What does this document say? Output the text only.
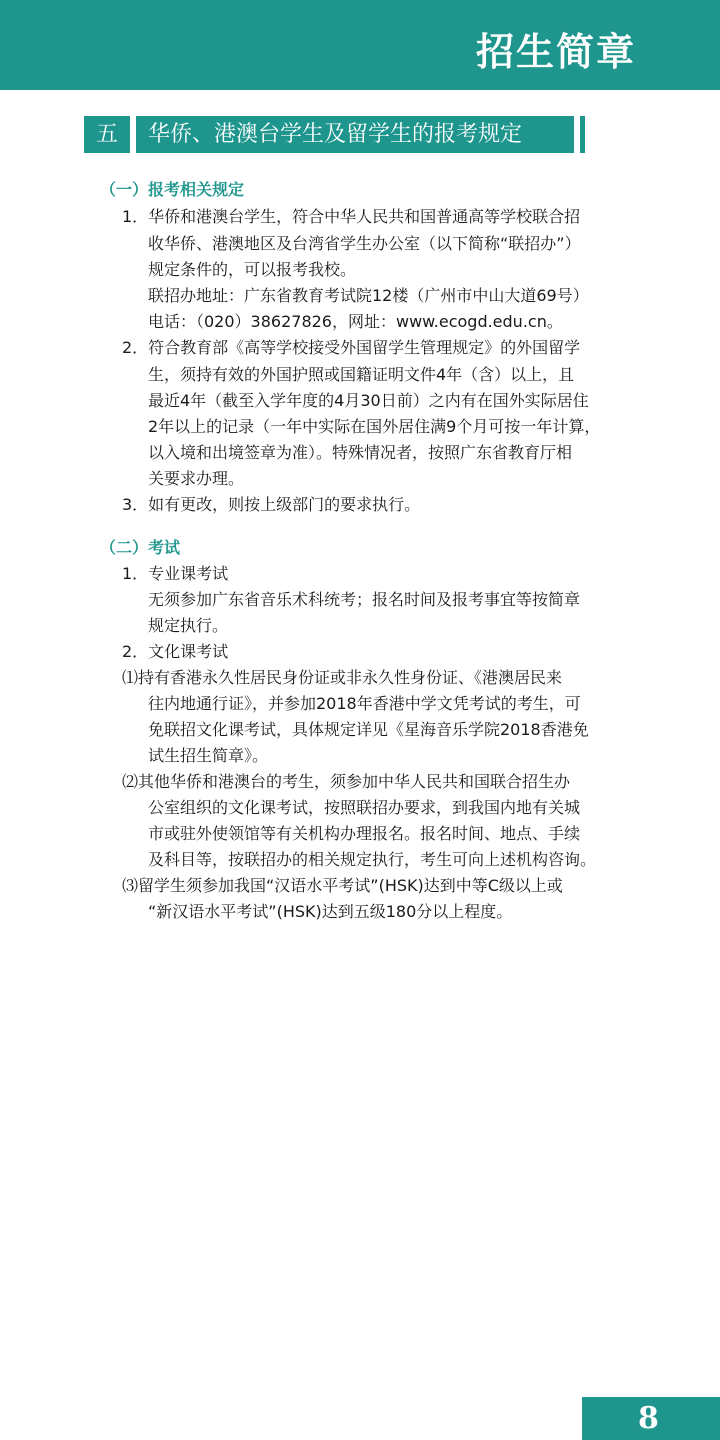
招生简章
五	华侨、港澳台学生及留学生的报考规定
（一）报考相关规定
1．华侨和港澳台学生，符合中华人民共和国普通高等学校联合招
收华侨、港澳地区及台湾省学生办公室（以下简称“联招办”）
规定条件的，可以报考我校。
联招办地址：广东省教育考试院12楼（广州市中山大道69号）
电话：（020）38627826，网址：www.ecogd.edu.cn。
2．符合教育部《高等学校接受外国留学生管理规定》的外国留学
生，须持有效的外国护照或国籍证明文件4年（含）以上，且
最近4年（截至入学年度的4月30日前）之内有在国外实际居住
2年以上的记录（一年中实际在国外居住满9个月可按一年计算，
以入境和出境签章为准）。特殊情况者，按照广东省教育厅相
关要求办理。
3．如有更改，则按上级部门的要求执行。
（二）考试
1．专业课考试
无须参加广东省音乐术科统考；报名时间及报考事宜等按简章
规定执行。
2．文化课考试
⑴持有香港永久性居民身份证或非永久性身份证、《港澳居民来
往内地通行证》，并参加2018年香港中学文凭考试的考生，可
免联招文化课考试，具体规定详见《星海音乐学院2018香港免
试生招生简章》。
⑵其他华侨和港澳台的考生，须参加中华人民共和国联合招生办
公室组织的文化课考试，按照联招办要求，到我国内地有关城
市或驻外使领馆等有关机构办理报名。报名时间、地点、手续
及科目等，按联招办的相关规定执行，考生可向上述机构咨询。
⑶留学生须参加我国“汉语水平考试”(HSK)达到中等C级以上或
“新汉语水平考试”(HSK)达到五级180分以上程度。
8
